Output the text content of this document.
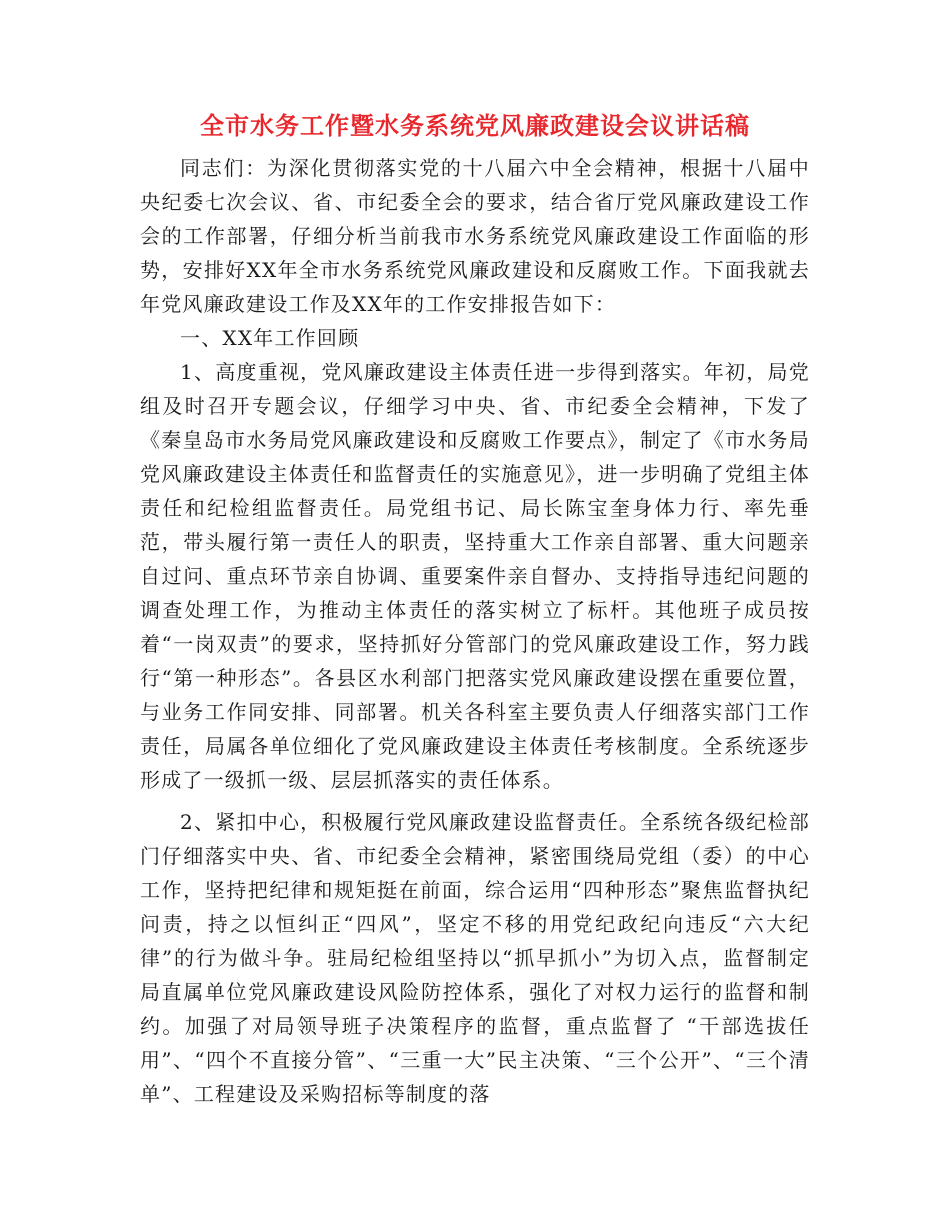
全市水务工作暨水务系统党风廉政建设会议讲话稿

同志们：为深化贯彻落实党的十八届六中全会精神，根据十八届中央纪委七次会议、省、市纪委全会的要求，结合省厅党风廉政建设工作会的工作部署，仔细分析当前我市水务系统党风廉政建设工作面临的形势，安排好XX年全市水务系统党风廉政建设和反腐败工作。下面我就去年党风廉政建设工作及XX年的工作安排报告如下：

一、XX年工作回顾

1、高度重视，党风廉政建设主体责任进一步得到落实。年初，局党组及时召开专题会议，仔细学习中央、省、市纪委全会精神，下发了《秦皇岛市水务局党风廉政建设和反腐败工作要点》，制定了《市水务局党风廉政建设主体责任和监督责任的实施意见》，进一步明确了党组主体责任和纪检组监督责任。局党组书记、局长陈宝奎身体力行、率先垂范，带头履行第一责任人的职责，坚持重大工作亲自部署、重大问题亲自过问、重点环节亲自协调、重要案件亲自督办、支持指导违纪问题的调查处理工作，为推动主体责任的落实树立了标杆。其他班子成员按着“一岗双责”的要求，坚持抓好分管部门的党风廉政建设工作，努力践行“第一种形态”。各县区水利部门把落实党风廉政建设摆在重要位置，与业务工作同安排、同部署。机关各科室主要负责人仔细落实部门工作责任，局属各单位细化了党风廉政建设主体责任考核制度。全系统逐步形成了一级抓一级、层层抓落实的责任体系。

2、紧扣中心，积极履行党风廉政建设监督责任。全系统各级纪检部门仔细落实中央、省、市纪委全会精神，紧密围绕局党组（委）的中心工作，坚持把纪律和规矩挺在前面，综合运用“四种形态”聚焦监督执纪问责，持之以恒纠正“四风”，坚定不移的用党纪政纪向违反“六大纪律”的行为做斗争。驻局纪检组坚持以“抓早抓小”为切入点，监督制定局直属单位党风廉政建设风险防控体系，强化了对权力运行的监督和制约。加强了对局领导班子决策程序的监督，重点监督了 “干部选拔任用”、“四个不直接分管”、“三重一大”民主决策、“三个公开”、“三个清单”、工程建设及采购招标等制度的落
